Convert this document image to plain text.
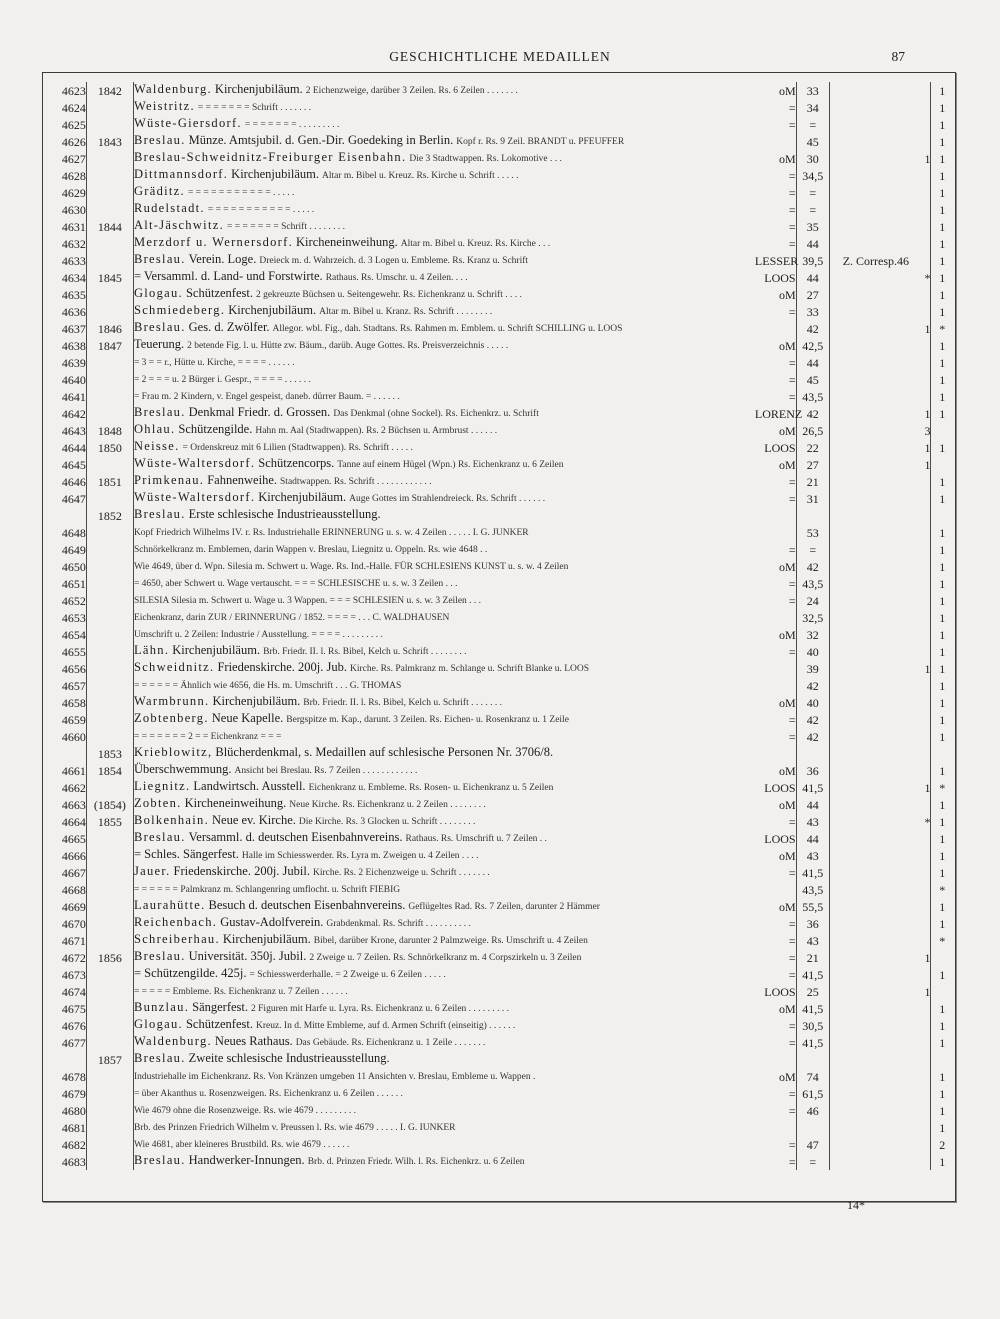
GESCHICHTLICHE MEDAILLEN	87
4623	1842	Waldenburg. Kirchenjubiläum. 2 Eichenzweige, darüber 3 Zeilen. Rs. 6 Zeilen . . . . . . .	oM	33			1
4624		Weistritz. = = = = = = = Schrift . . . . . . .	=	34			1
4625		Wüste-Giersdorf. = = = = = = = . . . . . . . . .	=	=			1
4626	1843	Breslau. Münze. Amtsjubil. d. Gen.-Dir. Goedeking in Berlin. Kopf r. Rs. 9 Zeil. BRANDT u. PFEUFFER		45			1
4627		Breslau-Schweidnitz-Freiburger Eisenbahn. Die 3 Stadtwappen. Rs. Lokomotive . . .	oM	30		1	1
4628		Dittmannsdorf. Kirchenjubiläum. Altar m. Bibel u. Kreuz. Rs. Kirche u. Schrift . . . . .	=	34,5			1
4629		Gräditz. = = = = = = = = = = = . . . . .	=	=			1
4630		Rudelstadt. = = = = = = = = = = = . . . . .	=	=			1
4631	1844	Alt-Jäschwitz. = = = = = = = Schrift . . . . . . . .	=	35			1
4632		Merzdorf u. Wernersdorf. Kircheneinweihung. Altar m. Bibel u. Kreuz. Rs. Kirche . . .	=	44			1
4633		Breslau. Verein. Loge. Dreieck m. d. Wahrzeich. d. 3 Logen u. Embleme. Rs. Kranz u. Schrift	LESSER	39,5	Z. Corresp.46		1
4634	1845	= Versamml. d. Land- und Forstwirte. Rathaus. Rs. Umschr. u. 4 Zeilen. . . .	LOOS	44		*	1
4635		Glogau. Schützenfest. 2 gekreuzte Büchsen u. Seitengewehr. Rs. Eichenkranz u. Schrift . . . .	oM	27			1
4636		Schmiedeberg. Kirchenjubiläum. Altar m. Bibel u. Kranz. Rs. Schrift . . . . . . . .	=	33			1
4637	1846	Breslau. Ges. d. Zwölfer. Allegor. wbl. Fig., dah. Stadtans. Rs. Rahmen m. Emblem. u. Schrift SCHILLING u. LOOS		42		1	*
4638	1847	Teuerung. 2 betende Fig. l. u. Hütte zw. Bäum., darüb. Auge Gottes. Rs. Preisverzeichnis . . . . .	oM	42,5			1
4639		= 3 = = r., Hütte u. Kirche, = = = = . . . . . .	=	44			1
4640		= 2 = = = u. 2 Bürger i. Gespr., = = = = . . . . . .	=	45			1
4641		= Frau m. 2 Kindern, v. Engel gespeist, daneb. dürrer Baum. = . . . . . .	=	43,5			1
4642		Breslau. Denkmal Friedr. d. Grossen. Das Denkmal (ohne Sockel). Rs. Eichenkrz. u. Schrift	LORENZ	42		1	1
4643	1848	Ohlau. Schützengilde. Hahn m. Aal (Stadtwappen). Rs. 2 Büchsen u. Armbrust . . . . . .	oM	26,5		3	
4644	1850	Neisse. = Ordenskreuz mit 6 Lilien (Stadtwappen). Rs. Schrift . . . . .	LOOS	22		1	1
4645		Wüste-Waltersdorf. Schützencorps. Tanne auf einem Hügel (Wpn.) Rs. Eichenkranz u. 6 Zeilen	oM	27		1	
4646	1851	Primkenau. Fahnenweihe. Stadtwappen. Rs. Schrift . . . . . . . . . . . .	=	21			1
4647		Wüste-Waltersdorf. Kirchenjubiläum. Auge Gottes im Strahlendreieck. Rs. Schrift . . . . . .	=	31			1
	1852	Breslau. Erste schlesische Industrieausstellung.					
4648		Kopf Friedrich Wilhelms IV. r. Rs. Industriehalle ERINNERUNG u. s. w. 4 Zeilen . . . . . I. G. JUNKER		53			1
4649		Schnörkelkranz m. Emblemen, darin Wappen v. Breslau, Liegnitz u. Oppeln. Rs. wie 4648 . .	=	=			1
4650		Wie 4649, über d. Wpn. Silesia m. Schwert u. Wage. Rs. Ind.-Halle. FÜR SCHLESIENS KUNST u. s. w. 4 Zeilen	oM	42			1
4651		= 4650, aber Schwert u. Wage vertauscht. = = = SCHLESISCHE u. s. w. 3 Zeilen . . .	=	43,5			1
4652		SILESIA Silesia m. Schwert u. Wage u. 3 Wappen. = = = SCHLESIEN u. s. w. 3 Zeilen . . .	=	24			1
4653		Eichenkranz, darin ZUR / ERINNERUNG / 1852. = = = = . . . C. WALDHAUSEN		32,5			1
4654		Umschrift u. 2 Zeilen: Industrie / Ausstellung. = = = = . . . . . . . . .	oM	32			1
4655		Lähn. Kirchenjubiläum. Brb. Friedr. II. l. Rs. Bibel, Kelch u. Schrift . . . . . . . .	=	40			1
4656		Schweidnitz. Friedenskirche. 200j. Jub. Kirche. Rs. Palmkranz m. Schlange u. Schrift Blanke u. LOOS		39		1	1
4657		= = = = = = Ähnlich wie 4656, die Hs. m. Umschrift . . . G. THOMAS		42			1
4658		Warmbrunn. Kirchenjubiläum. Brb. Friedr. II. l. Rs. Bibel, Kelch u. Schrift . . . . . . .	oM	40			1
4659		Zobtenberg. Neue Kapelle. Bergspitze m. Kap., darunt. 3 Zeilen. Rs. Eichen- u. Rosenkranz u. 1 Zeile	=	42			1
4660		= = = = = = = 2 = = Eichenkranz = = =	=	42			1
	1853	Krieblowitz, Blücherdenkmal, s. Medaillen auf schlesische Personen Nr. 3706/8.					
4661	1854	Überschwemmung. Ansicht bei Breslau. Rs. 7 Zeilen . . . . . . . . . . . .	oM	36			1
4662		Liegnitz. Landwirtsch. Ausstell. Eichenkranz u. Embleme. Rs. Rosen- u. Eichenkranz u. 5 Zeilen	LOOS	41,5		1	*
4663	(1854)	Zobten. Kircheneinweihung. Neue Kirche. Rs. Eichenkranz u. 2 Zeilen . . . . . . . .	oM	44			1
4664	1855	Bolkenhain. Neue ev. Kirche. Die Kirche. Rs. 3 Glocken u. Schrift . . . . . . . .	=	43		*	1
4665		Breslau. Versamml. d. deutschen Eisenbahnvereins. Rathaus. Rs. Umschrift u. 7 Zeilen . .	LOOS	44			1
4666		= Schles. Sängerfest. Halle im Schiesswerder. Rs. Lyra m. Zweigen u. 4 Zeilen . . . .	oM	43			1
4667		Jauer. Friedenskirche. 200j. Jubil. Kirche. Rs. 2 Eichenzweige u. Schrift . . . . . . .	=	41,5			1
4668		= = = = = = Palmkranz m. Schlangenring umflocht. u. Schrift FIEBIG		43,5			*
4669		Laurahütte. Besuch d. deutschen Eisenbahnvereins. Geflügeltes Rad. Rs. 7 Zeilen, darunter 2 Hämmer	oM	55,5			1
4670		Reichenbach. Gustav-Adolfverein. Grabdenkmal. Rs. Schrift . . . . . . . . . .	=	36			1
4671		Schreiberhau. Kirchenjubiläum. Bibel, darüber Krone, darunter 2 Palmzweige. Rs. Umschrift u. 4 Zeilen	=	43			*
4672	1856	Breslau. Universität. 350j. Jubil. 2 Zweige u. 7 Zeilen. Rs. Schnörkelkranz m. 4 Corpszirkeln u. 3 Zeilen	=	21		1	
4673		= Schützengilde. 425j. = Schiesswerderhalle. = 2 Zweige u. 6 Zeilen . . . . .	=	41,5			1
4674		= = = = = Embleme. Rs. Eichenkranz u. 7 Zeilen . . . . . .	LOOS	25		1	
4675		Bunzlau. Sängerfest. 2 Figuren mit Harfe u. Lyra. Rs. Eichenkranz u. 6 Zeilen . . . . . . . . .	oM	41,5			1
4676		Glogau. Schützenfest. Kreuz. In d. Mitte Embleme, auf d. Armen Schrift (einseitig) . . . . . .	=	30,5			1
4677		Waldenburg. Neues Rathaus. Das Gebäude. Rs. Eichenkranz u. 1 Zeile . . . . . . .	=	41,5			1
	1857	Breslau. Zweite schlesische Industrieausstellung.					
4678		Industriehalle im Eichenkranz. Rs. Von Kränzen umgeben 11 Ansichten v. Breslau, Embleme u. Wappen .	oM	74			1
4679		= über Akanthus u. Rosenzweigen. Rs. Eichenkranz u. 6 Zeilen . . . . . .	=	61,5			1
4680		Wie 4679 ohne die Rosenzweige. Rs. wie 4679 . . . . . . . . .	=	46			1
4681		Brb. des Prinzen Friedrich Wilhelm v. Preussen l. Rs. wie 4679 . . . . . I. G. IUNKER					1
4682		Wie 4681, aber kleineres Brustbild. Rs. wie 4679 . . . . . .	=	47			2
4683		Breslau. Handwerker-Innungen. Brb. d. Prinzen Friedr. Wilh. l. Rs. Eichenkrz. u. 6 Zeilen	=	=			1
14*
